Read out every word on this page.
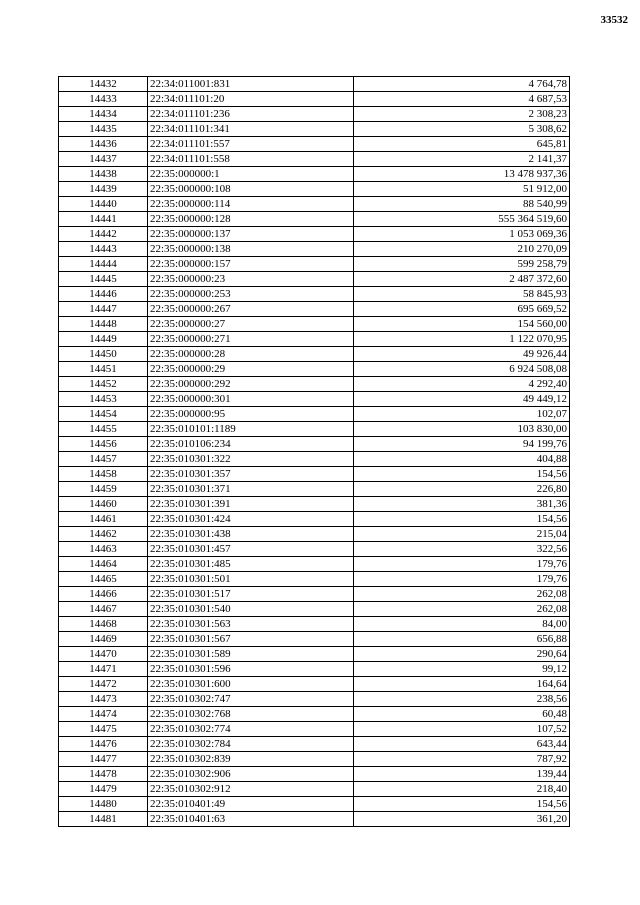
33532
14432	22:34:011001:831	4 764,78
14433	22:34:011101:20	4 687,53
14434	22:34:011101:236	2 308,23
14435	22:34:011101:341	5 308,62
14436	22:34:011101:557	645,81
14437	22:34:011101:558	2 141,37
14438	22:35:000000:1	13 478 937,36
14439	22:35:000000:108	51 912,00
14440	22:35:000000:114	88 540,99
14441	22:35:000000:128	555 364 519,60
14442	22:35:000000:137	1 053 069,36
14443	22:35:000000:138	210 270,09
14444	22:35:000000:157	599 258,79
14445	22:35:000000:23	2 487 372,60
14446	22:35:000000:253	58 845,93
14447	22:35:000000:267	695 669,52
14448	22:35:000000:27	154 560,00
14449	22:35:000000:271	1 122 070,95
14450	22:35:000000:28	49 926,44
14451	22:35:000000:29	6 924 508,08
14452	22:35:000000:292	4 292,40
14453	22:35:000000:301	49 449,12
14454	22:35:000000:95	102,07
14455	22:35:010101:1189	103 830,00
14456	22:35:010106:234	94 199,76
14457	22:35:010301:322	404,88
14458	22:35:010301:357	154,56
14459	22:35:010301:371	226,80
14460	22:35:010301:391	381,36
14461	22:35:010301:424	154,56
14462	22:35:010301:438	215,04
14463	22:35:010301:457	322,56
14464	22:35:010301:485	179,76
14465	22:35:010301:501	179,76
14466	22:35:010301:517	262,08
14467	22:35:010301:540	262,08
14468	22:35:010301:563	84,00
14469	22:35:010301:567	656,88
14470	22:35:010301:589	290,64
14471	22:35:010301:596	99,12
14472	22:35:010301:600	164,64
14473	22:35:010302:747	238,56
14474	22:35:010302:768	60,48
14475	22:35:010302:774	107,52
14476	22:35:010302:784	643,44
14477	22:35:010302:839	787,92
14478	22:35:010302:906	139,44
14479	22:35:010302:912	218,40
14480	22:35:010401:49	154,56
14481	22:35:010401:63	361,20
